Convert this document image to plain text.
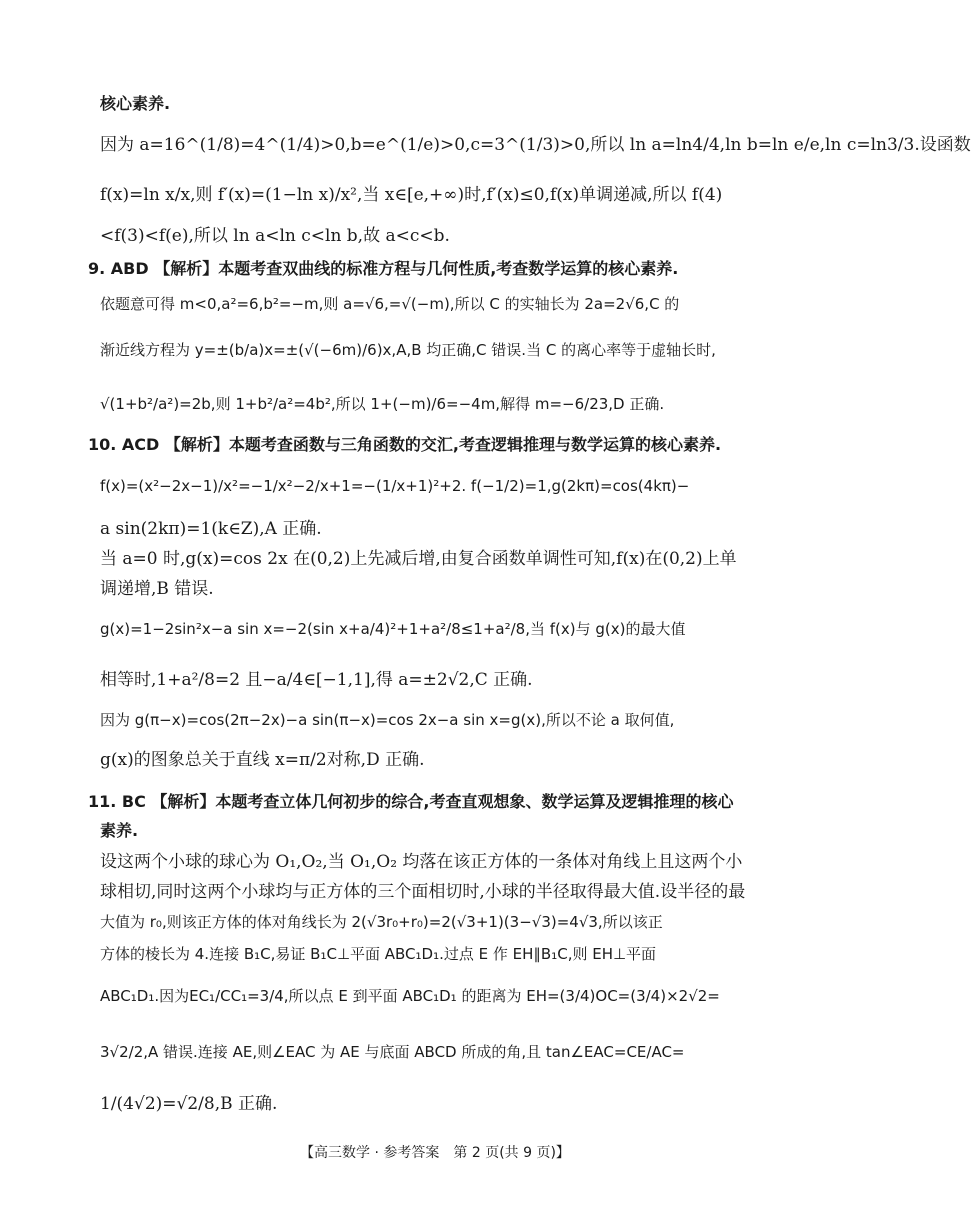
核心素养.
因为 a=16^(1/8)=4^(1/4)>0,b=e^(1/e)>0,c=3^(1/3)>0,所以 ln a=ln4/4,ln b=ln e/e,ln c=ln3/3.设函数
f(x)=ln x/x,则 f′(x)=(1−ln x)/x²,当 x∈[e,+∞)时,f′(x)≤0,f(x)单调递减,所以 f(4)
<f(3)<f(e),所以 ln a<ln c<ln b,故 a<c<b.
9. ABD 【解析】本题考查双曲线的标准方程与几何性质,考查数学运算的核心素养.
依题意可得 m<0,a²=6,b²=−m,则 a=√6,=√(−m),所以 C 的实轴长为 2a=2√6,C 的
渐近线方程为 y=±(b/a)x=±(√(−6m)/6)x,A,B 均正确,C 错误.当 C 的离心率等于虚轴长时,
√(1+b²/a²)=2b,则 1+b²/a²=4b²,所以 1+(−m)/6=−4m,解得 m=−6/23,D 正确.
10. ACD 【解析】本题考查函数与三角函数的交汇,考查逻辑推理与数学运算的核心素养.
f(x)=(x²−2x−1)/x²=−1/x²−2/x+1=−(1/x+1)²+2. f(−1/2)=1,g(2kπ)=cos(4kπ)−
a sin(2kπ)=1(k∈Z),A 正确.
当 a=0 时,g(x)=cos 2x 在(0,2)上先减后增,由复合函数单调性可知,f(x)在(0,2)上单
调递增,B 错误.
g(x)=1−2sin²x−a sin x=−2(sin x+a/4)²+1+a²/8≤1+a²/8,当 f(x)与 g(x)的最大值
相等时,1+a²/8=2 且−a/4∈[−1,1],得 a=±2√2,C 正确.
因为 g(π−x)=cos(2π−2x)−a sin(π−x)=cos 2x−a sin x=g(x),所以不论 a 取何值,
g(x)的图象总关于直线 x=π/2对称,D 正确.
11. BC 【解析】本题考查立体几何初步的综合,考查直观想象、数学运算及逻辑推理的核心
素养.
设这两个小球的球心为 O₁,O₂,当 O₁,O₂ 均落在该正方体的一条体对角线上且这两个小
球相切,同时这两个小球均与正方体的三个面相切时,小球的半径取得最大值.设半径的最
大值为 r₀,则该正方体的体对角线长为 2(√3r₀+r₀)=2(√3+1)(3−√3)=4√3,所以该正
方体的棱长为 4.连接 B₁C,易证 B₁C⊥平面 ABC₁D₁.过点 E 作 EH∥B₁C,则 EH⊥平面
ABC₁D₁.因为EC₁/CC₁=3/4,所以点 E 到平面 ABC₁D₁ 的距离为 EH=(3/4)OC=(3/4)×2√2=
3√2/2,A 错误.连接 AE,则∠EAC 为 AE 与底面 ABCD 所成的角,且 tan∠EAC=CE/AC=
1/(4√2)=√2/8,B 正确.
【高三数学 · 参考答案　第 2 页(共 9 页)】
